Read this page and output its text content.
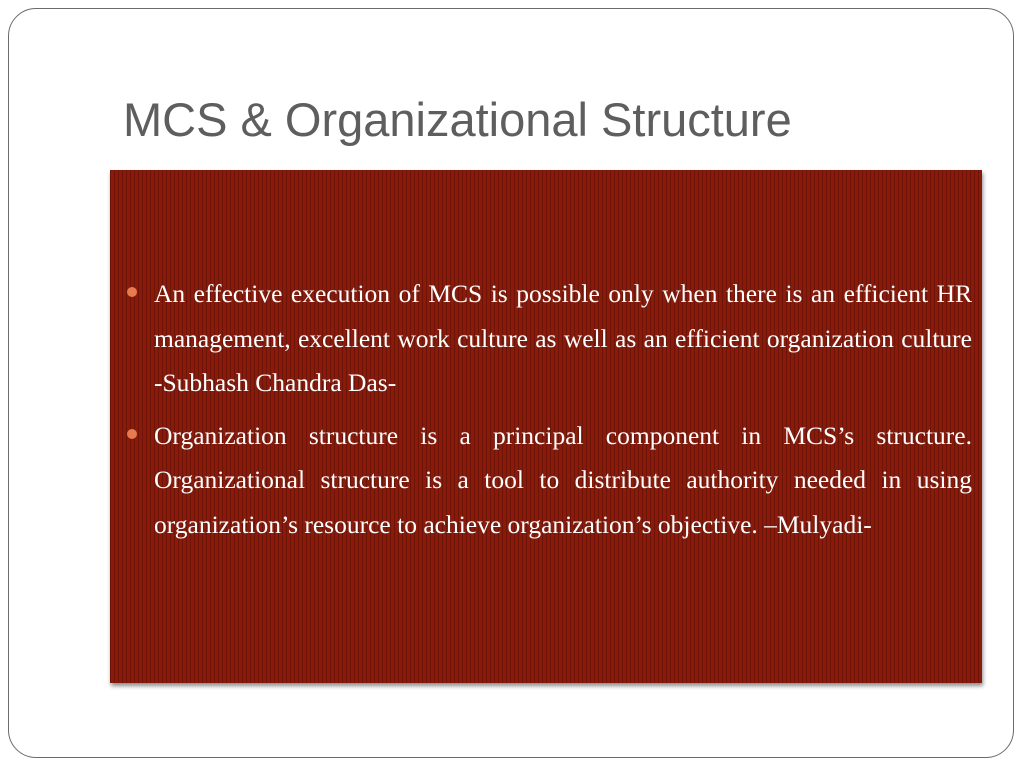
MCS & Organizational Structure
An effective execution of MCS is possible only when there is an efficient HR management, excellent work culture as well as an efficient organization culture -Subhash Chandra Das-
Organization structure is a principal component in MCS’s structure. Organizational structure is a tool to distribute authority needed in using organization’s resource to achieve organization’s objective. –Mulyadi-
